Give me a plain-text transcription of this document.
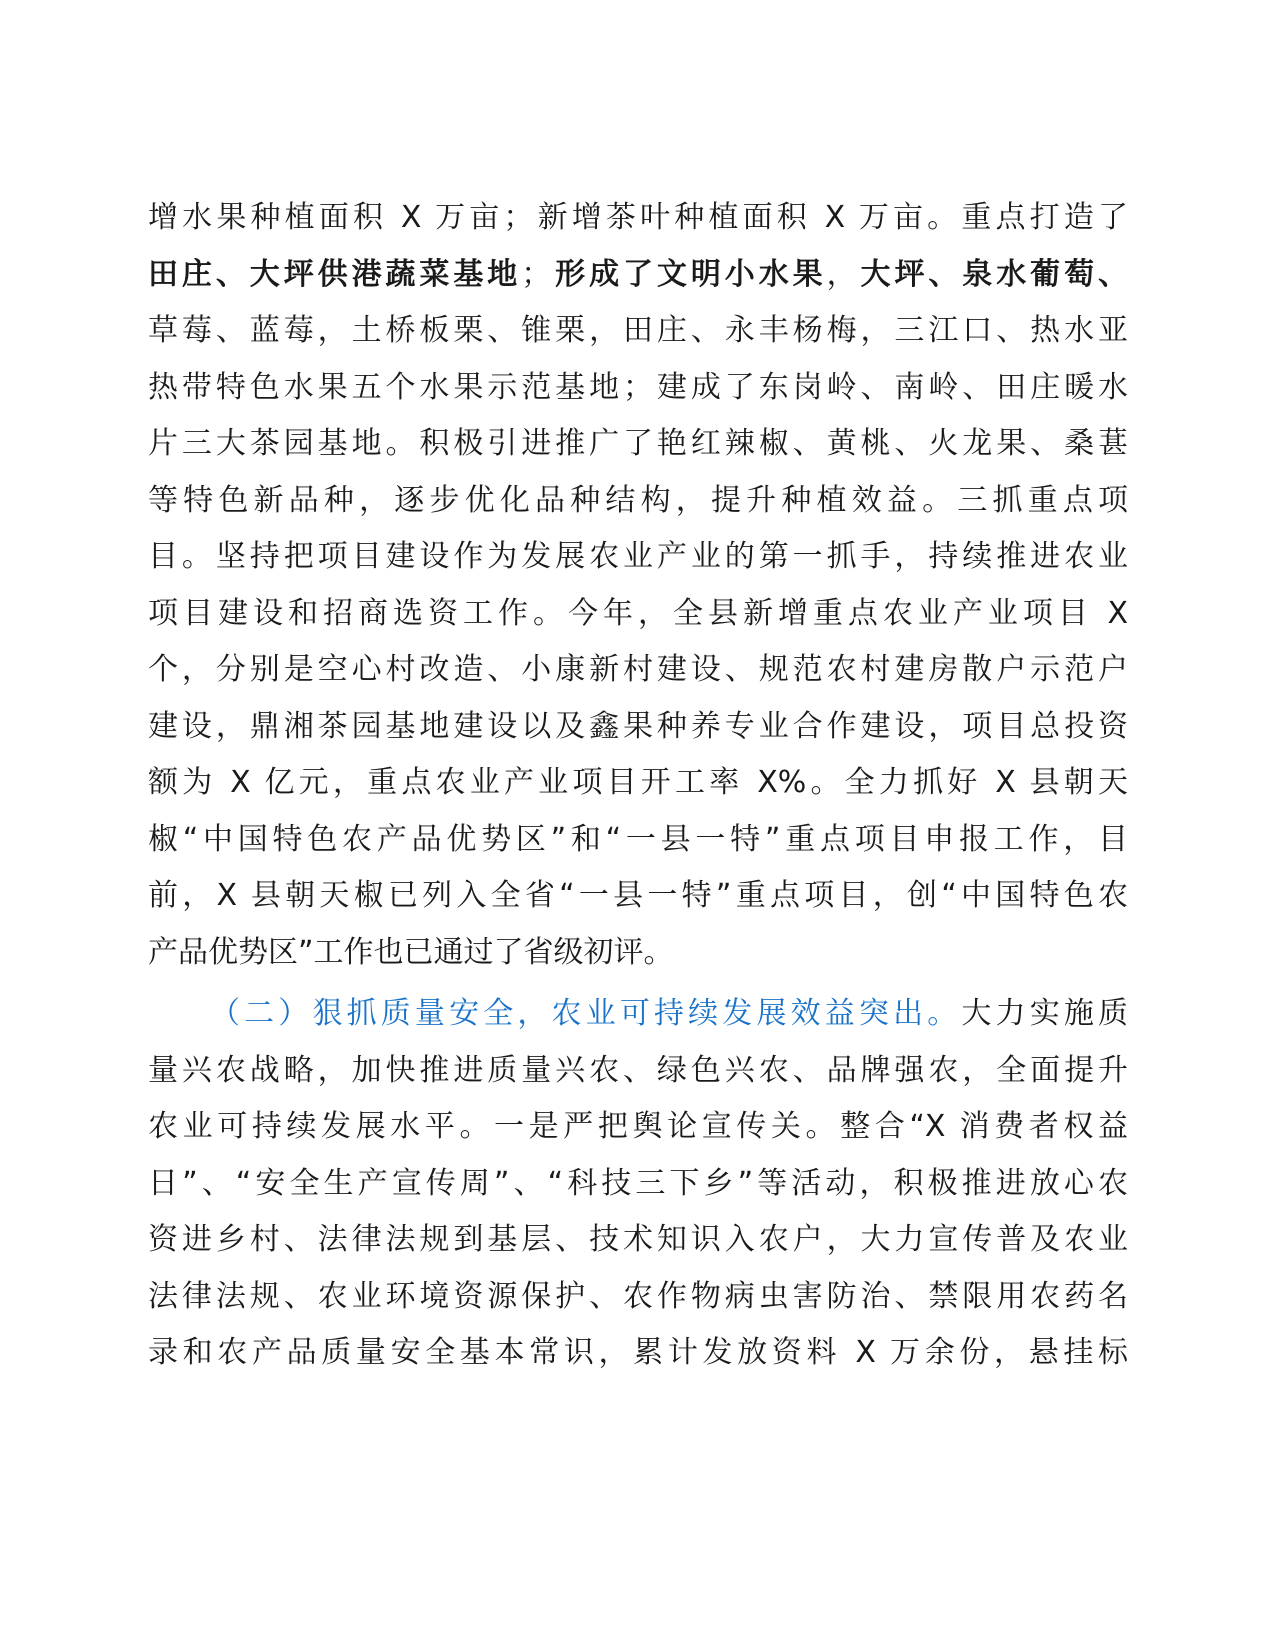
增水果种植面积 X 万亩；新增茶叶种植面积 X 万亩。重点打造了
田庄、大坪供港蔬菜基地；形成了文明小水果，大坪、泉水葡萄、
草莓、蓝莓，土桥板栗、锥栗，田庄、永丰杨梅，三江口、热水亚
热带特色水果五个水果示范基地；建成了东岗岭、南岭、田庄暖水
片三大茶园基地。积极引进推广了艳红辣椒、黄桃、火龙果、桑葚
等特色新品种，逐步优化品种结构，提升种植效益。三抓重点项
目。坚持把项目建设作为发展农业产业的第一抓手，持续推进农业
项目建设和招商选资工作。今年，全县新增重点农业产业项目 X
个，分别是空心村改造、小康新村建设、规范农村建房散户示范户
建设，鼎湘茶园基地建设以及鑫果种养专业合作建设，项目总投资
额为 X 亿元，重点农业产业项目开工率 X%。全力抓好 X 县朝天
椒“中国特色农产品优势区”和“一县一特”重点项目申报工作，目
前，X 县朝天椒已列入全省“一县一特”重点项目，创“中国特色农
产品优势区”工作也已通过了省级初评。
（二）狠抓质量安全，农业可持续发展效益突出。大力实施质
量兴农战略，加快推进质量兴农、绿色兴农、品牌强农，全面提升
农业可持续发展水平。一是严把舆论宣传关。整合“X 消费者权益
日”、“安全生产宣传周”、“科技三下乡”等活动，积极推进放心农
资进乡村、法律法规到基层、技术知识入农户，大力宣传普及农业
法律法规、农业环境资源保护、农作物病虫害防治、禁限用农药名
录和农产品质量安全基本常识，累计发放资料 X 万余份，悬挂标
